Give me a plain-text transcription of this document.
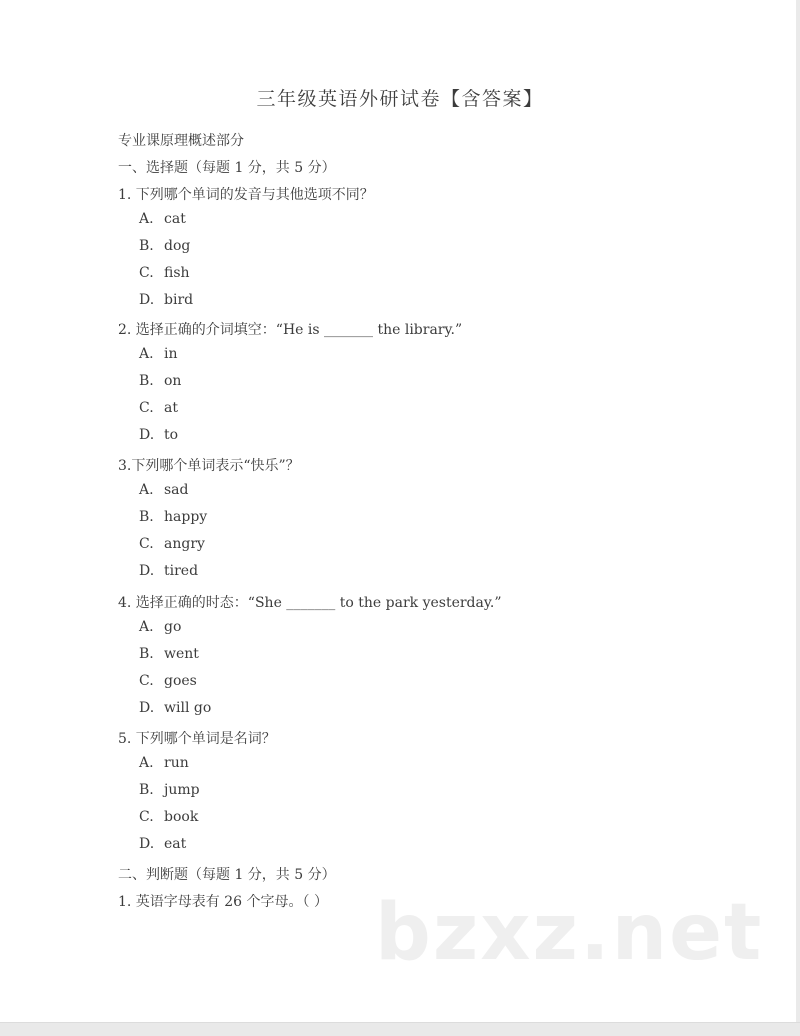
三年级英语外研试卷【含答案】
专业课原理概述部分
一、选择题（每题 1 分，共 5 分）
1. 下列哪个单词的发音与其他选项不同？
A. cat
B. dog
C. fish
D. bird
2. 选择正确的介词填空：“He is _______ the library.”
A. in
B. on
C. at
D. to
3.下列哪个单词表示“快乐”？
A. sad
B. happy
C. angry
D. tired
4. 选择正确的时态：“She _______ to the park yesterday.”
A. go
B. went
C. goes
D. will go
5. 下列哪个单词是名词？
A. run
B. jump
C. book
D. eat
二、判断题（每题 1 分，共 5 分）
1. 英语字母表有 26 个字母。（ ） bzxz.net
